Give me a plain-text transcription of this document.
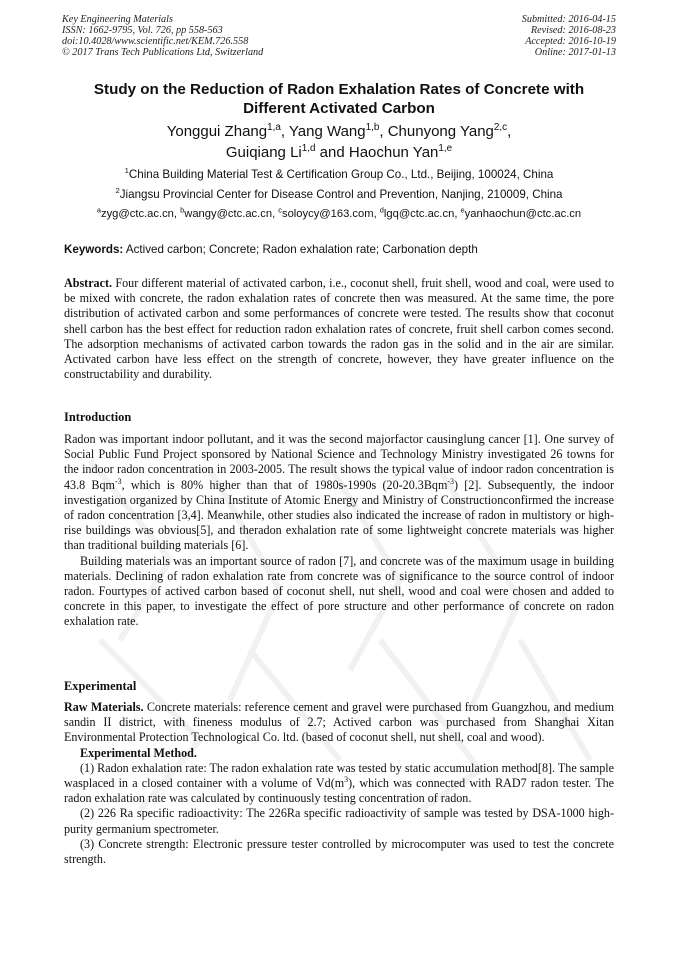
Key Engineering Materials
ISSN: 1662-9795, Vol. 726, pp 558-563
doi:10.4028/www.scientific.net/KEM.726.558
© 2017 Trans Tech Publications Ltd, Switzerland
Submitted: 2016-04-15
Revised: 2016-08-23
Accepted: 2016-10-19
Online: 2017-01-13
Study on the Reduction of Radon Exhalation Rates of Concrete with
Different Activated Carbon
Yonggui Zhang$^{1,a}$, Yang Wang$^{1,b}$, Chunyong Yang$^{2,c}$,
Guiqiang Li$^{1,d}$ and Haochun Yan$^{1,e}$
$^1$China Building Material Test & Certification Group Co., Ltd., Beijing, 100024, China
$^2$Jiangsu Provincial Center for Disease Control and Prevention, Nanjing, 210009, China
$^a$zyg@ctc.ac.cn, $^b$wangy@ctc.ac.cn, $^c$soloycy@163.com, $^d$lgq@ctc.ac.cn, $^e$yanhaochun@ctc.ac.cn
Keywords: Actived carbon; Concrete; Radon exhalation rate; Carbonation depth

Abstract. Four different material of activated carbon, i.e., coconut shell, fruit shell, wood and coal, were used to be mixed with concrete, the radon exhalation rates of concrete then was measured. At the same time, the pore distribution of activated carbon and some performances of concrete were tested. The results show that coconut shell carbon has the best effect for reduction radon exhalation rates of concrete, fruit shell carbon comes second. The adsorption mechanisms of activated carbon towards the radon gas in the solid and in the air are similar. Activated carbon have less effect on the strength of concrete, however, they have greater influence on the constructability and durability.

Introduction

Radon was important indoor pollutant, and it was the second majorfactor causinglung cancer [1]. One survey of Social Public Fund Project sponsored by National Science and Technology Ministry investigated 26 towns for the indoor radon concentration in 2003-2005. The result shows the typical value of indoor radon concentration is 43.8 Bqm$^{-3}$, which is 80% higher than that of 1980s-1990s (20-20.3Bqm$^{-3}$) [2]. Subsequently, the indoor investigation organized by China Institute of Atomic Energy and Ministry of Constructionconfirmed the increase of radon concentration [3,4]. Meanwhile, other studies also indicated the increase of radon in multistory or high-rise buildings was obvious[5], and theradon exhalation rate of some lightweight concrete materials was higher than traditional building materials [6].

Building materials was an important source of radon [7], and concrete was of the maximum usage in building materials. Declining of radon exhalation rate from concrete was of significance to the source control of indoor radon. Fourtypes of actived carbon based of coconut shell, nut shell, wood and coal were chosen and added to concrete in this paper, to investigate the effect of pore structure and other performance of concrete on radon exhalation rate.

Experimental

Raw Materials. Concrete materials: reference cement and gravel were purchased from Guangzhou, and medium sandin II district, with fineness modulus of 2.7; Actived carbon was purchased from Shanghai Xitan Environmental Protection Technological Co. ltd. (based of coconut shell, nut shell, coal and wood).

Experimental Method.

(1) Radon exhalation rate: The radon exhalation rate was tested by static accumulation method[8]. The sample wasplaced in a closed container with a volume of $Vd(m^3)$, which was connected with RAD7 radon tester. The radon exhalation rate was calculated by continuously testing concentration of radon.

(2) 226 Ra specific radioactivity: The 226Ra specific radioactivity of sample was tested by DSA-1000 high-purity germanium spectrometer.

(3) Concrete strength: Electronic pressure tester controlled by microcomputer was used to test the concrete strength.
